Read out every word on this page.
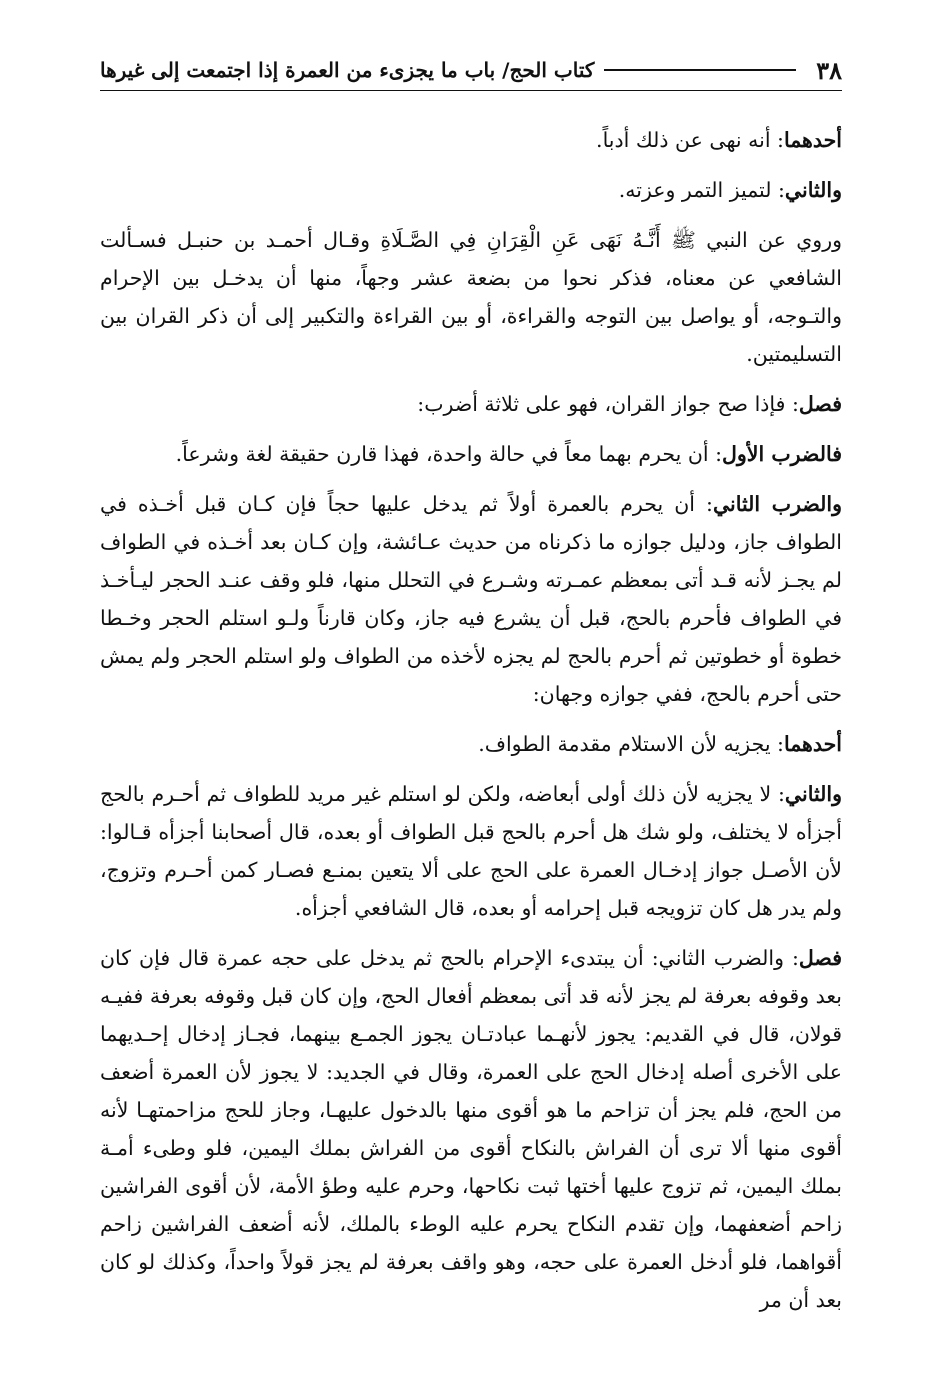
٣٨
كتاب الحج/ باب ما يجزىء من العمرة إذا اجتمعت إلى غيرها

أحدهما: أنه نهى عن ذلك أدباً.

والثاني: لتميز التمر وعزته.

وروي عن النبي ﷺ أَنَّـهُ نَهَى عَنِ الْقِرَانِ فِي الصَّـلَاةِ وقـال أحمـد بن حنبـل فسـألت الشافعي عن معناه، فذكر نحوا من بضعة عشر وجهاً، منها أن يدخـل بين الإحرام والتـوجه، أو يواصل بين التوجه والقراءة، أو بين القراءة والتكبير إلى أن ذكر القران بين التسليمتين.

فصل: فإذا صح جواز القران، فهو على ثلاثة أضرب:

فالضرب الأول: أن يحرم بهما معاً في حالة واحدة، فهذا قارن حقيقة لغة وشرعاً.

والضرب الثاني: أن يحرم بالعمرة أولاً ثم يدخل عليها حجاً فإن كـان قبل أخـذه في الطواف جاز، ودليل جوازه ما ذكرناه من حديث عـائشة، وإن كـان بعد أخـذه في الطواف لم يجـز لأنه قـد أتى بمعظم عمـرته وشـرع في التحلل منها، فلو وقف عنـد الحجر ليـأخـذ في الطواف فأحرم بالحج، قبل أن يشرع فيه جاز، وكان قارناً ولـو استلم الحجر وخـطا خطوة أو خطوتين ثم أحرم بالحج لم يجزه لأخذه من الطواف ولو استلم الحجر ولم يمش حتى أحرم بالحج، ففي جوازه وجهان:

أحدهما: يجزيه لأن الاستلام مقدمة الطواف.

والثاني: لا يجزيه لأن ذلك أولى أبعاضه، ولكن لو استلم غير مريد للطواف ثم أحـرم بالحج أجزأه لا يختلف، ولو شك هل أحرم بالحج قبل الطواف أو بعده، قال أصحابنا أجزأه قـالوا: لأن الأصـل جواز إدخـال العمرة على الحج على ألا يتعين بمنـع فصـار كمن أحـرم وتزوج، ولم يدر هل كان تزويجه قبل إحرامه أو بعده، قال الشافعي أجزأه.

فصل: والضرب الثاني: أن يبتدىء الإحرام بالحج ثم يدخل على حجه عمرة قال فإن كان بعد وقوفه بعرفة لم يجز لأنه قد أتى بمعظم أفعال الحج، وإن كان قبل وقوفه بعرفة ففيـه قولان، قال في القديم: يجوز لأنهـما عبادتـان يجوز الجمـع بينهما، فجـاز إدخال إحـديهما على الأخرى أصله إدخال الحج على العمرة، وقال في الجديد: لا يجوز لأن العمرة أضعف من الحج، فلم يجز أن تزاحم ما هو أقوى منها بالدخول عليهـا، وجاز للحج مزاحمتهـا لأنه أقوى منها ألا ترى أن الفراش بالنكاح أقوى من الفراش بملك اليمين، فلو وطىء أمـة بملك اليمين، ثم تزوج عليها أختها ثبت نكاحها، وحرم عليه وطؤ الأمة، لأن أقوى الفراشين زاحم أضعفهما، وإن تقدم النكاح يحرم عليه الوطء بالملك، لأنه أضعف الفراشين زاحم أقواهما، فلو أدخل العمرة على حجه، وهو واقف بعرفة لم يجز قولاً واحداً، وكذلك لو كان بعد أن مر
